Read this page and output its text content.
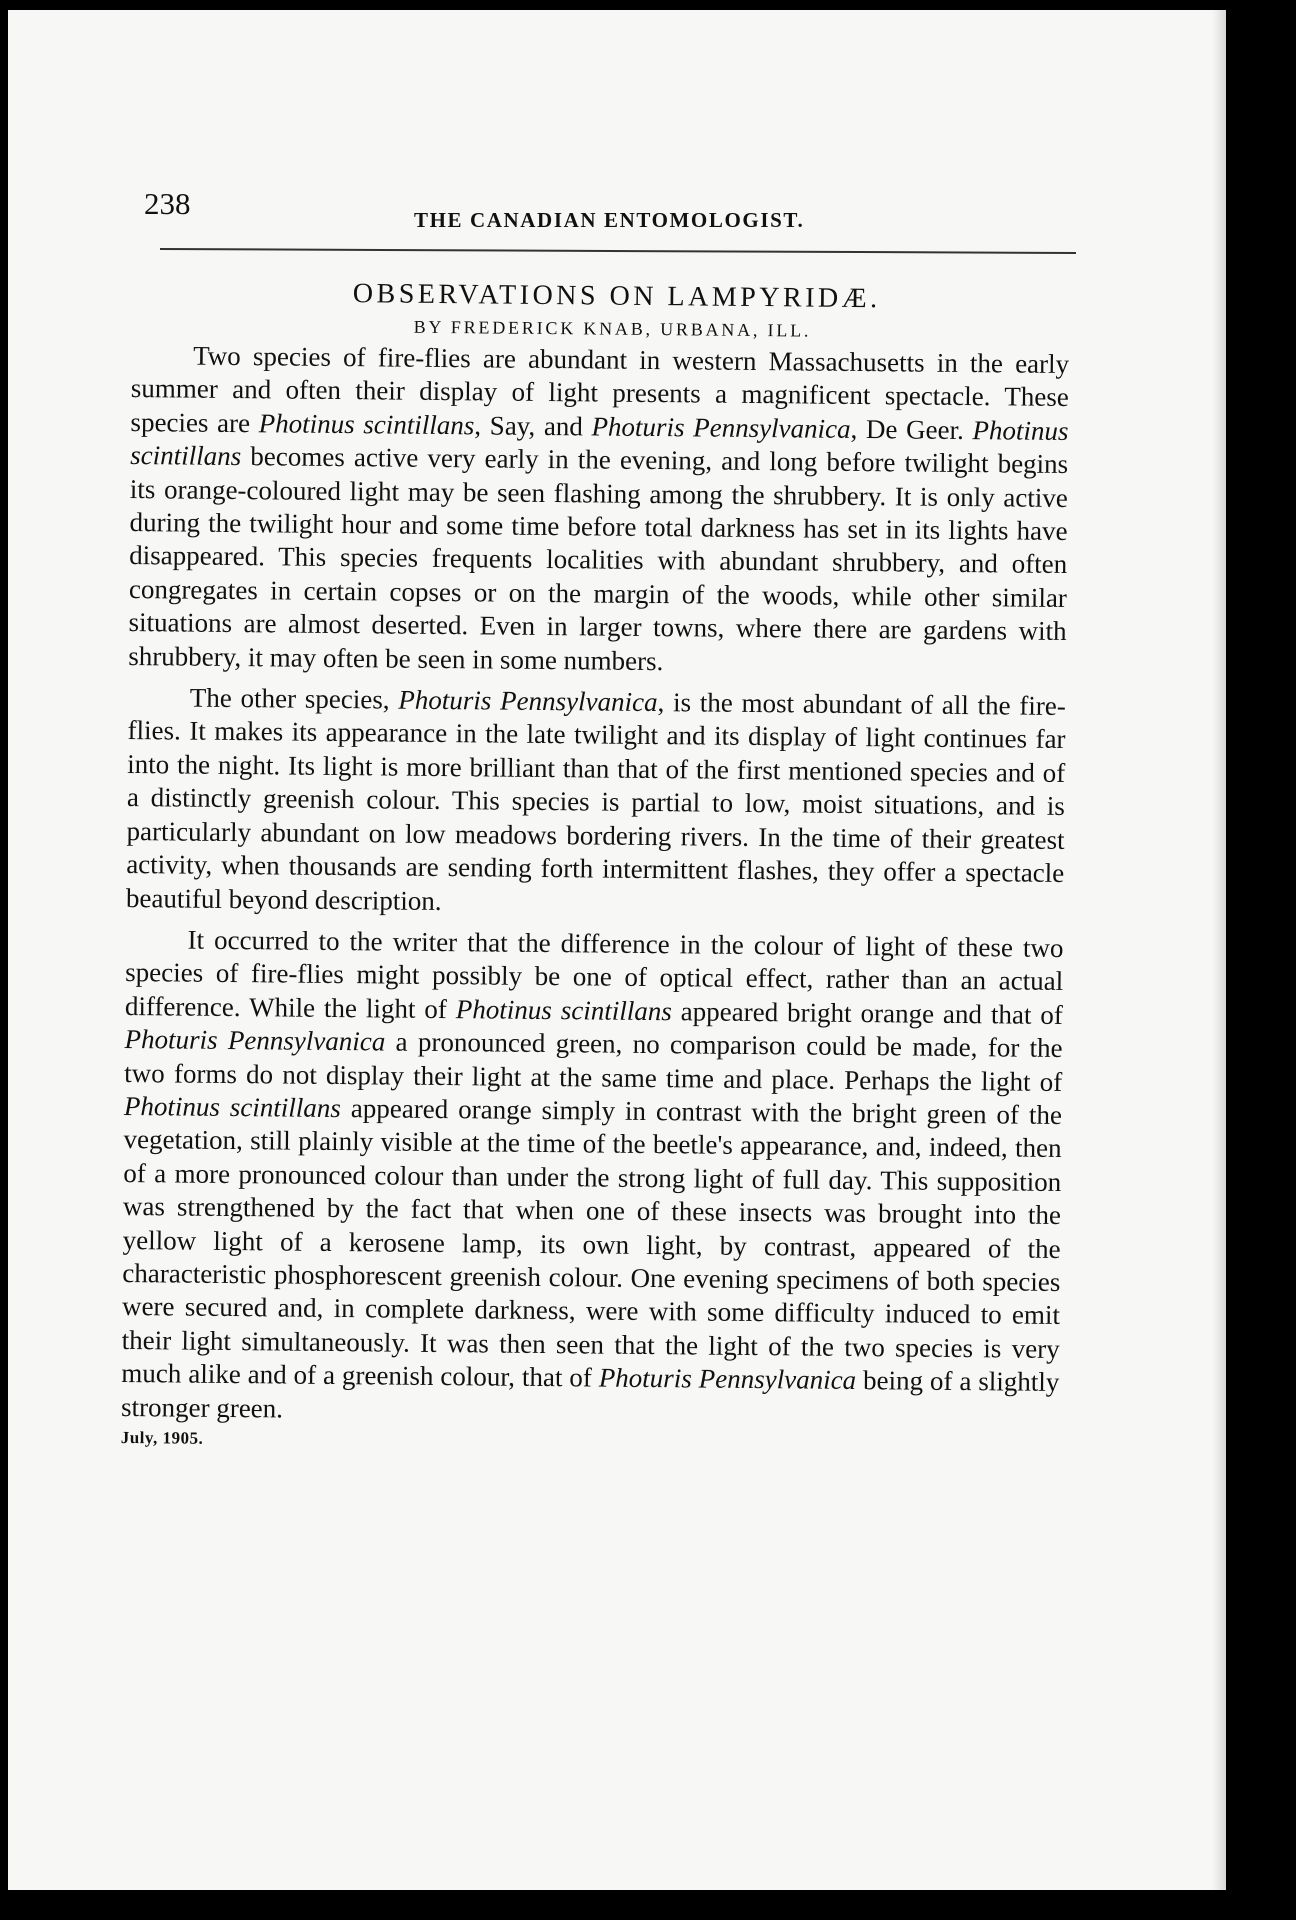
238	THE CANADIAN ENTOMOLOGIST.
OBSERVATIONS ON LAMPYRIDÆ.
BY FREDERICK KNAB, URBANA, ILL.

Two species of fire-flies are abundant in western Massachusetts in the early summer and often their display of light presents a magnificent spectacle. These species are Photinus scintillans, Say, and Photuris Pennsylvanica, De Geer. Photinus scintillans becomes active very early in the evening, and long before twilight begins its orange-coloured light may be seen flashing among the shrubbery. It is only active during the twilight hour and some time before total darkness has set in its lights have disappeared. This species frequents localities with abundant shrubbery, and often congregates in certain copses or on the margin of the woods, while other similar situations are almost deserted. Even in larger towns, where there are gardens with shrubbery, it may often be seen in some numbers.

The other species, Photuris Pennsylvanica, is the most abundant of all the fire-flies. It makes its appearance in the late twilight and its display of light continues far into the night. Its light is more brilliant than that of the first mentioned species and of a distinctly greenish colour. This species is partial to low, moist situations, and is particularly abundant on low meadows bordering rivers. In the time of their greatest activity, when thousands are sending forth intermittent flashes, they offer a spectacle beautiful beyond description.

It occurred to the writer that the difference in the colour of light of these two species of fire-flies might possibly be one of optical effect, rather than an actual difference. While the light of Photinus scintillans appeared bright orange and that of Photuris Pennsylvanica a pronounced green, no comparison could be made, for the two forms do not display their light at the same time and place. Perhaps the light of Photinus scintillans appeared orange simply in contrast with the bright green of the vegetation, still plainly visible at the time of the beetle's appearance, and, indeed, then of a more pronounced colour than under the strong light of full day. This supposition was strengthened by the fact that when one of these insects was brought into the yellow light of a kerosene lamp, its own light, by contrast, appeared of the characteristic phosphorescent greenish colour. One evening specimens of both species were secured and, in complete darkness, were with some difficulty induced to emit their light simultaneously. It was then seen that the light of the two species is very much alike and of a greenish colour, that of Photuris Pennsylvanica being of a slightly stronger green.

July, 1905.
